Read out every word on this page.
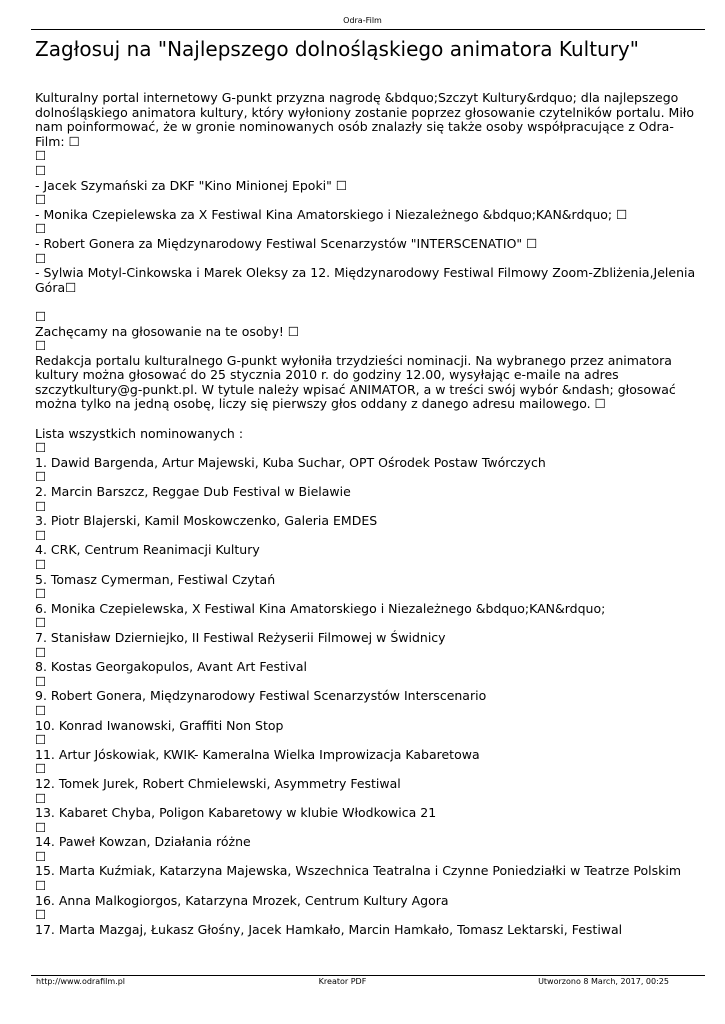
Odra-Film
Zagłosuj na "Najlepszego dolnośląskiego animatora Kultury"

Kulturalny portal internetowy G-punkt przyzna nagrodę &bdquo;Szczyt Kultury&rdquo; dla najlepszego dolnośląskiego animatora kultury, który wyłoniony zostanie poprzez głosowanie czytelników portalu. Miło nam poinformować, że w gronie nominowanych osób znalazły się także osoby współpracujące z Odra-Film: ☐

☐

☐

- Jacek Szymański za DKF "Kino Minionej Epoki" ☐

☐

- Monika Czepielewska za X Festiwal Kina Amatorskiego i Niezależnego &bdquo;KAN&rdquo; ☐

☐

- Robert Gonera za Międzynarodowy Festiwal Scenarzystów "INTERSCENATIO" ☐

☐

- Sylwia Motyl-Cinkowska i Marek Oleksy za 12. Międzynarodowy Festiwal Filmowy Zoom-Zbliżenia,Jelenia Góra☐

☐

Zachęcamy na głosowanie na te osoby! ☐

☐

Redakcja portalu kulturalnego G-punkt wyłoniła trzydzieści nominacji. Na wybranego przez animatora kultury można głosować do 25 stycznia 2010 r. do godziny 12.00, wysyłając e-maile na adres szczytkultury@g-punkt.pl. W tytule należy wpisać ANIMATOR, a w treści swój wybór &ndash; głosować można tylko na jedną osobę, liczy się pierwszy głos oddany z danego adresu mailowego. ☐

Lista wszystkich nominowanych :

☐

1. Dawid Bargenda, Artur Majewski, Kuba Suchar, OPT Ośrodek Postaw Twórczych

☐

2. Marcin Barszcz, Reggae Dub Festival w Bielawie

☐

3. Piotr Blajerski, Kamil Moskowczenko, Galeria EMDES

☐

4. CRK, Centrum Reanimacji Kultury

☐

5. Tomasz Cymerman, Festiwal Czytań

☐

6. Monika Czepielewska, X Festiwal Kina Amatorskiego i Niezależnego &bdquo;KAN&rdquo;

☐

7. Stanisław Dzierniejko, II Festiwal Reżyserii Filmowej w Świdnicy

☐

8. Kostas Georgakopulos, Avant Art Festival

☐

9. Robert Gonera, Międzynarodowy Festiwal Scenarzystów Interscenario

☐

10. Konrad Iwanowski, Graffiti Non Stop

☐

11. Artur Jóskowiak, KWIK- Kameralna Wielka Improwizacja Kabaretowa

☐

12. Tomek Jurek, Robert Chmielewski, Asymmetry Festiwal

☐

13. Kabaret Chyba, Poligon Kabaretowy w klubie Włodkowica 21

☐

14. Paweł Kowzan, Działania różne

☐

15. Marta Kuźmiak, Katarzyna Majewska, Wszechnica Teatralna i Czynne Poniedziałki w Teatrze Polskim

☐

16. Anna Malkogiorgos, Katarzyna Mrozek, Centrum Kultury Agora

☐

17. Marta Mazgaj, Łukasz Głośny, Jacek Hamkało, Marcin Hamkało, Tomasz Lektarski, Festiwal

http://www.odrafilm.pl	Kreator PDF	Utworzono 8 March, 2017, 00:25
